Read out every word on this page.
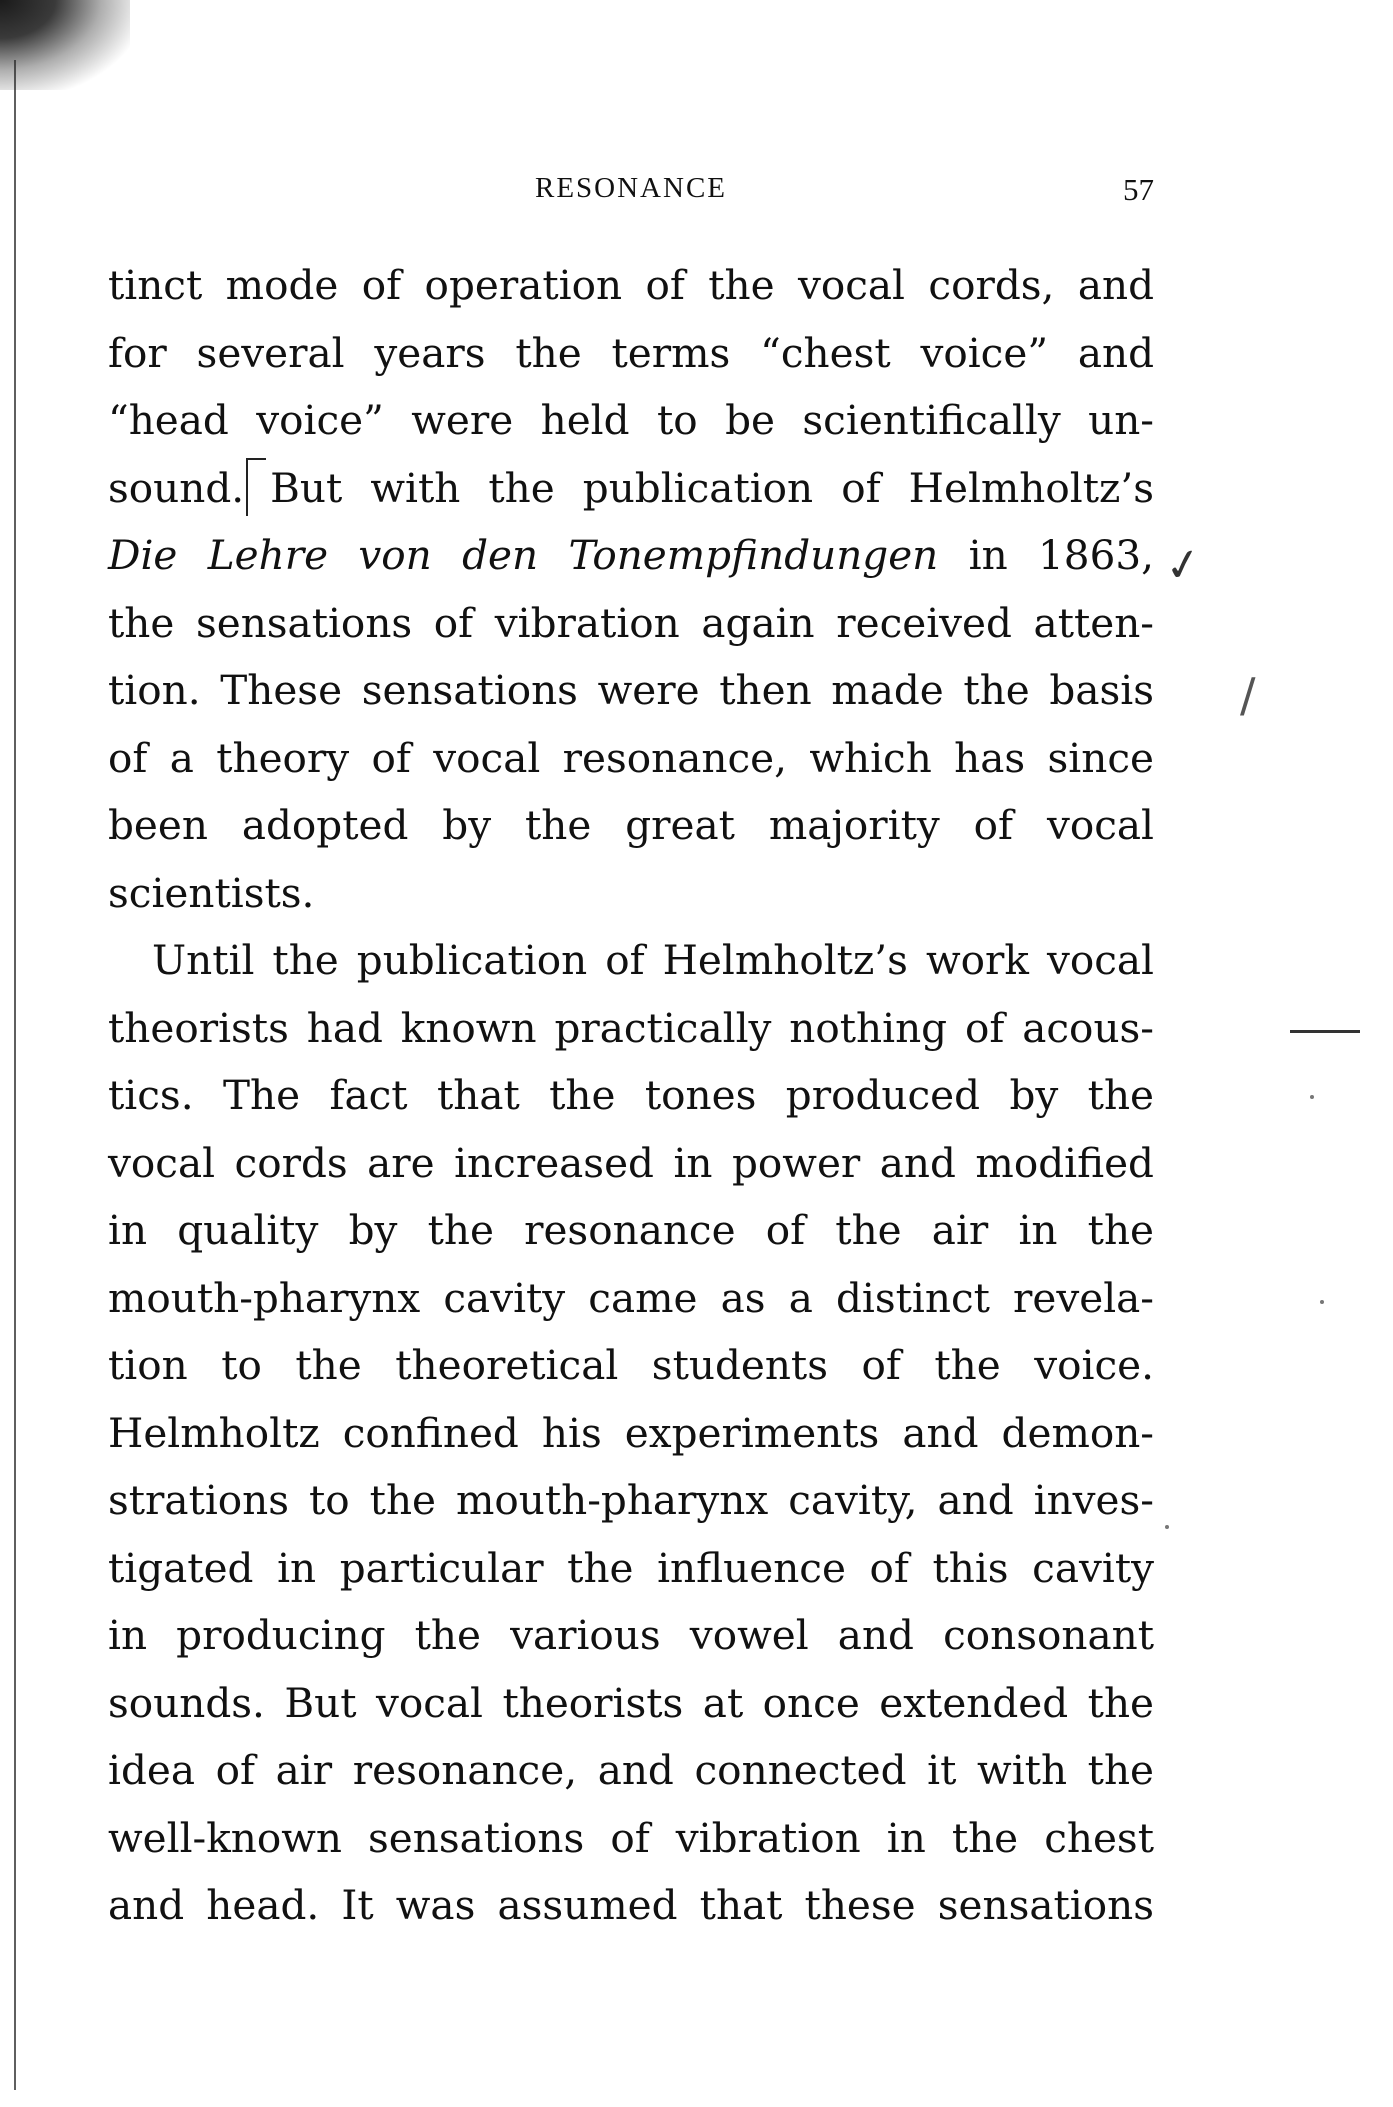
RESONANCE	57
tinct mode of operation of the vocal cords, and
for several years the terms “chest voice” and
“head voice” were held to be scientifically un-
sound. But with the publication of Helmholtz’s
Die Lehre von den Tonempfindungen in 1863,
the sensations of vibration again received atten-
tion. These sensations were then made the basis
of a theory of vocal resonance, which has since
been adopted by the great majority of vocal
scientists.
Until the publication of Helmholtz’s work vocal
theorists had known practically nothing of acous-
tics. The fact that the tones produced by the
vocal cords are increased in power and modified
in quality by the resonance of the air in the
mouth-pharynx cavity came as a distinct revela-
tion to the theoretical students of the voice.
Helmholtz confined his experiments and demon-
strations to the mouth-pharynx cavity, and inves-
tigated in particular the influence of this cavity
in producing the various vowel and consonant
sounds. But vocal theorists at once extended the
idea of air resonance, and connected it with the
well-known sensations of vibration in the chest
and head. It was assumed that these sensations
✓
/
